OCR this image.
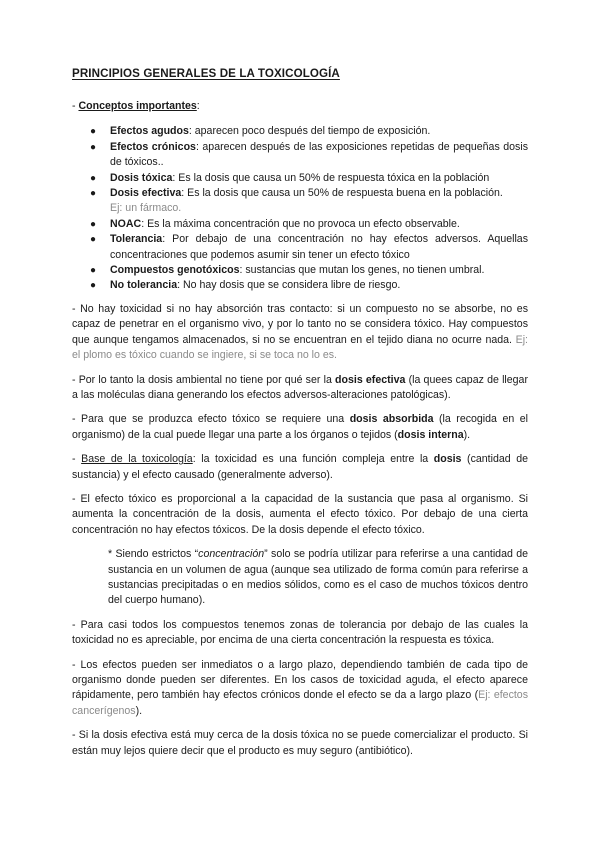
PRINCIPIOS GENERALES DE LA TOXICOLOGÍA
- Conceptos importantes:
● Efectos agudos: aparecen poco después del tiempo de exposición.
● Efectos crónicos: aparecen después de las exposiciones repetidas de pequeñas dosis de tóxicos..
● Dosis tóxica: Es la dosis que causa un 50% de respuesta tóxica en la población
● Dosis efectiva: Es la dosis que causa un 50% de respuesta buena en la población.
Ej: un fármaco.
● NOAC: Es la máxima concentración que no provoca un efecto observable.
● Tolerancia: Por debajo de una concentración no hay efectos adversos. Aquellas concentraciones que podemos asumir sin tener un efecto tóxico
● Compuestos genotóxicos: sustancias que mutan los genes, no tienen umbral.
● No tolerancia: No hay dosis que se considera libre de riesgo.

- No hay toxicidad si no hay absorción tras contacto: si un compuesto no se absorbe, no es capaz de penetrar en el organismo vivo, y por lo tanto no se considera tóxico. Hay compuestos que aunque tengamos almacenados, si no se encuentran en el tejido diana no ocurre nada. Ej: el plomo es tóxico cuando se ingiere, si se toca no lo es.

- Por lo tanto la dosis ambiental no tiene por qué ser la dosis efectiva (la quees capaz de llegar a las moléculas diana generando los efectos adversos-alteraciones patológicas).

- Para que se produzca efecto tóxico se requiere una dosis absorbida (la recogida en el organismo) de la cual puede llegar una parte a los órganos o tejidos (dosis interna).

- Base de la toxicología: la toxicidad es una función compleja entre la dosis (cantidad de sustancia) y el efecto causado (generalmente adverso).

- El efecto tóxico es proporcional a la capacidad de la sustancia que pasa al organismo. Si aumenta la concentración de la dosis, aumenta el efecto tóxico. Por debajo de una cierta concentración no hay efectos tóxicos. De la dosis depende el efecto tóxico.

* Siendo estrictos “concentración” solo se podría utilizar para referirse a una cantidad de sustancia en un volumen de agua (aunque sea utilizado de forma común para referirse a sustancias precipitadas o en medios sólidos, como es el caso de muchos tóxicos dentro del cuerpo humano).

- Para casi todos los compuestos tenemos zonas de tolerancia por debajo de las cuales la toxicidad no es apreciable, por encima de una cierta concentración la respuesta es tóxica.

- Los efectos pueden ser inmediatos o a largo plazo, dependiendo también de cada tipo de organismo donde pueden ser diferentes. En los casos de toxicidad aguda, el efecto aparece rápidamente, pero también hay efectos crónicos donde el efecto se da a largo plazo (Ej: efectos cancerígenos).

- Si la dosis efectiva está muy cerca de la dosis tóxica no se puede comercializar el producto. Si están muy lejos quiere decir que el producto es muy seguro (antibiótico).
